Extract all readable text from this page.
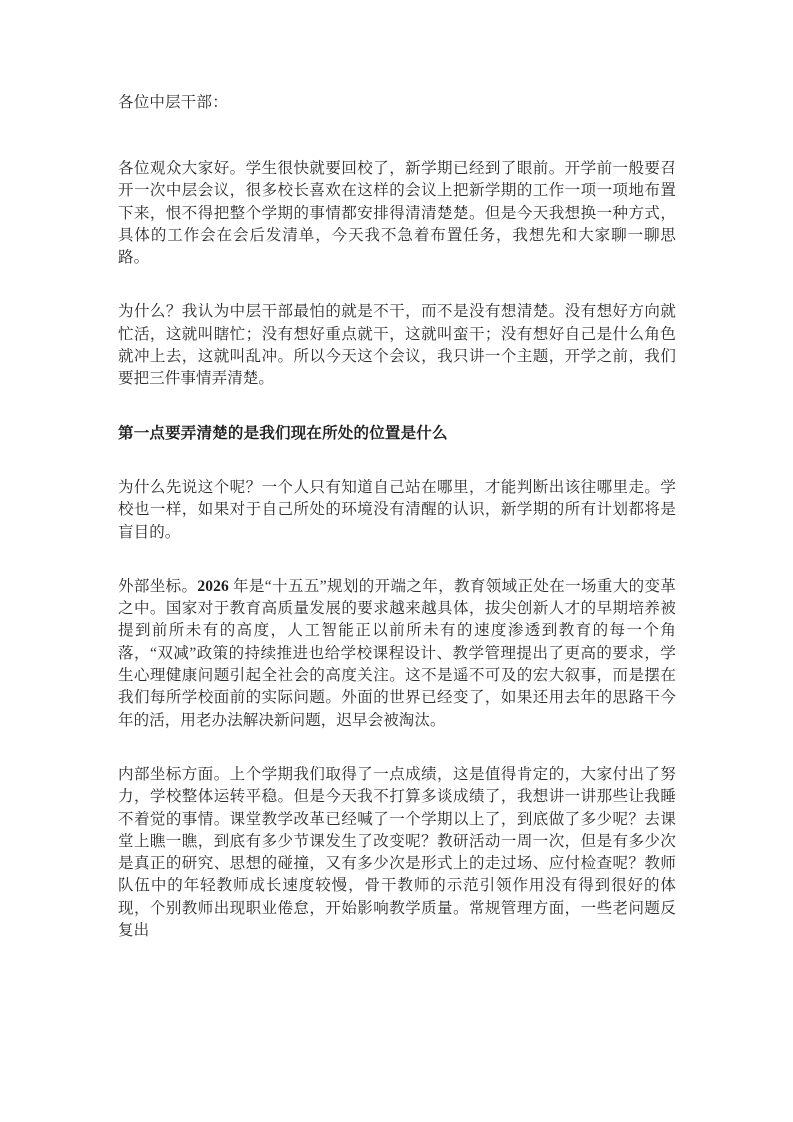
各位中层干部：

各位观众大家好。学生很快就要回校了，新学期已经到了眼前。开学前一般要召开一次中层会议，很多校长喜欢在这样的会议上把新学期的工作一项一项地布置下来，恨不得把整个学期的事情都安排得清清楚楚。但是今天我想换一种方式，具体的工作会在会后发清单，今天我不急着布置任务，我想先和大家聊一聊思路。

为什么？我认为中层干部最怕的就是不干，而不是没有想清楚。没有想好方向就忙活，这就叫瞎忙；没有想好重点就干，这就叫蛮干；没有想好自己是什么角色就冲上去，这就叫乱冲。所以今天这个会议，我只讲一个主题，开学之前，我们要把三件事情弄清楚。

第一点要弄清楚的是我们现在所处的位置是什么

为什么先说这个呢？一个人只有知道自己站在哪里，才能判断出该往哪里走。学校也一样，如果对于自己所处的环境没有清醒的认识，新学期的所有计划都将是盲目的。

外部坐标。2026 年是“十五五”规划的开端之年，教育领域正处在一场重大的变革之中。国家对于教育高质量发展的要求越来越具体，拔尖创新人才的早期培养被提到前所未有的高度，人工智能正以前所未有的速度渗透到教育的每一个角落，“双减”政策的持续推进也给学校课程设计、教学管理提出了更高的要求，学生心理健康问题引起全社会的高度关注。这不是遥不可及的宏大叙事，而是摆在我们每所学校面前的实际问题。外面的世界已经变了，如果还用去年的思路干今年的活，用老办法解决新问题，迟早会被淘汰。

内部坐标方面。上个学期我们取得了一点成绩，这是值得肯定的，大家付出了努力，学校整体运转平稳。但是今天我不打算多谈成绩了，我想讲一讲那些让我睡不着觉的事情。课堂教学改革已经喊了一个学期以上了，到底做了多少呢？去课堂上瞧一瞧，到底有多少节课发生了改变呢？教研活动一周一次，但是有多少次是真正的研究、思想的碰撞，又有多少次是形式上的走过场、应付检查呢？教师队伍中的年轻教师成长速度较慢，骨干教师的示范引领作用没有得到很好的体现，个别教师出现职业倦怠，开始影响教学质量。常规管理方面，一些老问题反复出
